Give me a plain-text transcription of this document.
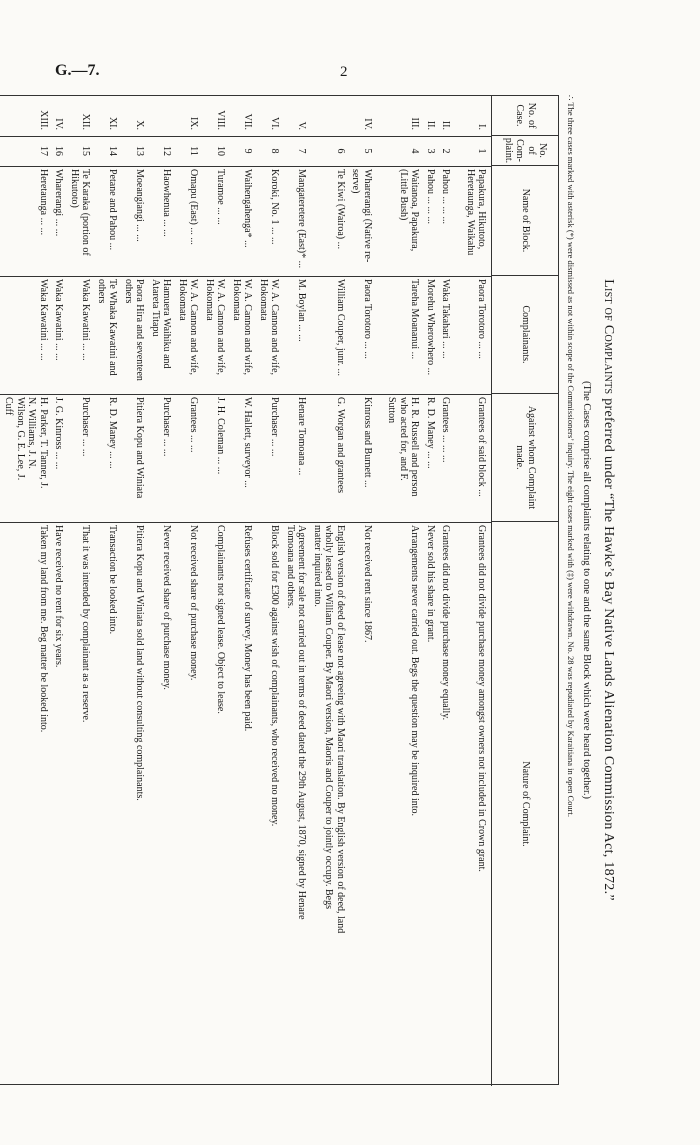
G.—7.	2
List of Complaints preferred under “The Hawke’s Bay Native Lands Alienation Commission Act, 1872.”
(The Cases comprise all complaints relating to one and the same Block which were heard together.)
∴ The three cases marked with asterisk (*) were dismissed as not within scope of the Commissioners’ inquiry. The eight cases marked with (‡) were withdrawn. No. 28 was repudiated by Karaitiana in open Court.
No. of Case.
No. of Com-plaint.
Name of Block.
Complainants.
Against whom Complaint made.
Nature of Complaint.
I.
1
Papakura, Hikutoto,
Heretaunga, Waikahu
Paora Torotoro ... ...
Grantees of said block ...
Grantees did not divide purchase money amongst owners not included in Crown grant.
II.
2
Pahou ... ... ...
Waka Takahari ... ...
Grantees ... ... ...
Grantees did not divide purchase money equally.
II.
3
Pahou ... ... ...
Morehu Wherowhero ...
R. D. Maney ... ...
Never sold his share in grant.
III.
4
Waitanoa, Papakura,
(Little Bush)
Tareha Moananui ...
H. R. Russell and person
who acted for, and F.
Sutton
Arrangements never carried out. Begs the question may be inquired into.
IV.
5
Wharerangi (Native re-
serve)
Paora Torotoro ... ...
Kinross and Burnett ...
Not received rent since 1867.
6
Te Kiwi (Wairoa) ...
William Couper, junr. ...
G. Worgan and grantees
English version of deed of lease not agreeing with Maori translation. By English version of deed, land
wholly leased to William Couper. By Maori version, Maoris and Couper to jointly occupy. Begs
matter inquired into.
V.
7
Mangateretere (East)* ...
M. Boylan ... ...
Henare Tomoana ...
Agreement for sale not carried out in terms of deed dated the 29th August, 1870, signed by Henare
Tomoana and others.
VI.
8
Koroki, No. 1 ... ...
W. A. Cannon and wife,
Hokomata
Purchaser ... ...
Block sold for £300 against wish of complainants, who received no money.
VII.
9
Waihengahenga* ...
W. A. Cannon and wife,
Hokomata
W. Hallett, surveyor ...
Refuses certificate of survey. Money has been paid.
VIII.
10
Turamoe ... ...
W. A. Cannon and wife,
Hokomata
J. H. Coleman ... ...
Complainants not signed lease. Object to lease.
IX.
11
Omapu (East) ... ...
W. A. Cannon and wife,
Hokomata
Grantees ... ...
Not received share of purchase money.
12
Haowhenua ... ...
Hamuera Waihiku and
Atareta Titapu
Purchaser ... ...
Never received share of purchase money.
X.
13
Moeangiangi ... ...
Paora Hira and seventeen
others
Pitiera Kopu and Winiata
Pitiera Kopu and Winiata sold land without consulting complainants.
XI.
14
Petane and Pahou ...
Te Whaka Kawatini and
others
R. D. Maney ... ...
Transaction be looked into.
XII.
15
Te Karaka (portion of
Hikutoto)
Waka Kawatini ... ...
Purchaser ... ...
That it was intended by complainant as a reserve.
IV.
16
Wharerangi ... ...
Waka Kawatini ... ...
J. G. Kinross ... ...
Have received no rent for six years.
XIII.
17
Heretaunga ... ...
Waka Kawatini ... ...
H. Parker, T. Tanner, J.
N. Williams, J. N.
Wilson, G. E. Lee, J.
Cuff
Taken my land from me. Beg matter be looked into.
